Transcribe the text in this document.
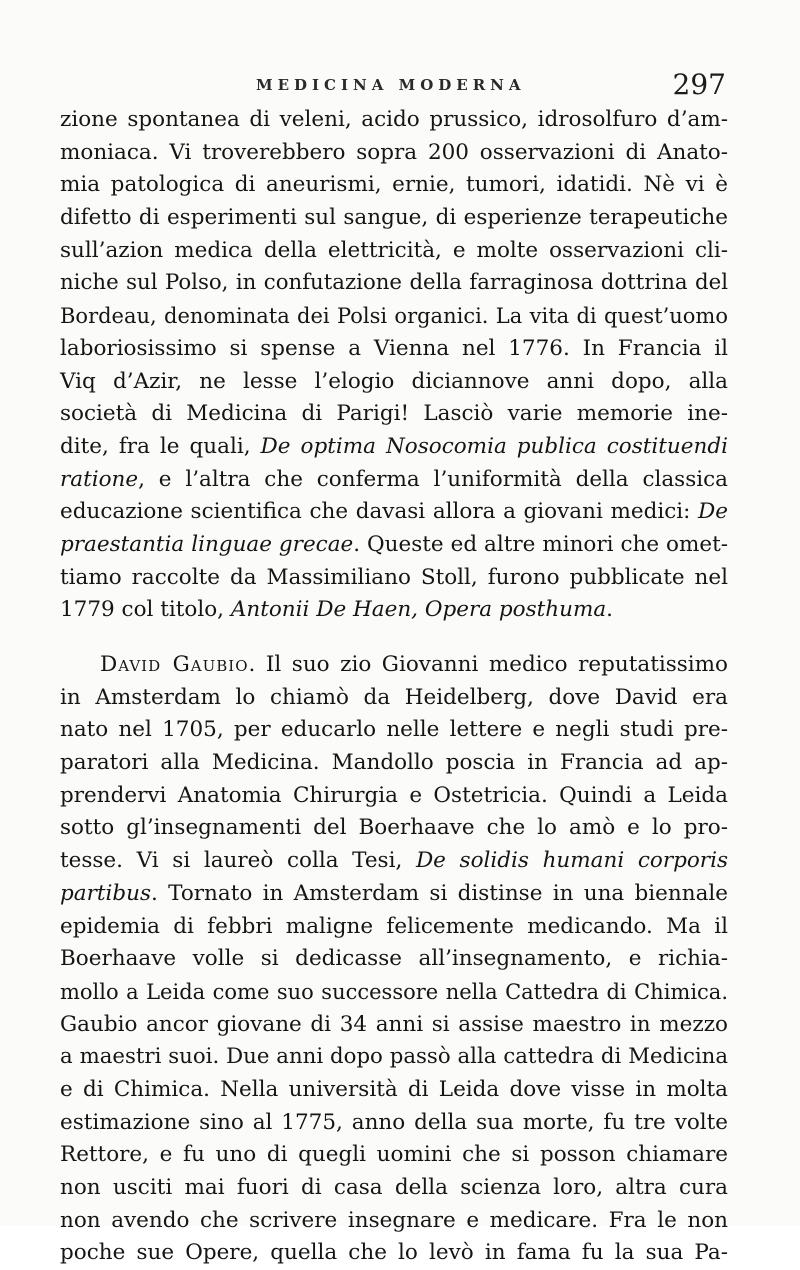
MEDICINA MODERNA	297
zione spontanea di veleni, acido prussico, idrosolfuro d’am-
moniaca. Vi troverebbero sopra 200 osservazioni di Anato-
mia patologica di aneurismi, ernie, tumori, idatidi. Nè vi è
difetto di esperimenti sul sangue, di esperienze terapeutiche
sull’azion medica della elettricità, e molte osservazioni cli-
niche sul Polso, in confutazione della farraginosa dottrina del
Bordeau, denominata dei Polsi organici. La vita di quest’uomo
laboriosissimo si spense a Vienna nel 1776. In Francia il
Viq d’Azir, ne lesse l’elogio diciannove anni dopo, alla
società di Medicina di Parigi! Lasciò varie memorie ine-
dite, fra le quali, De optima Nosocomia publica costituendi
ratione, e l’altra che conferma l’uniformità della classica
educazione scientifica che davasi allora a giovani medici: De
praestantia linguae grecae. Queste ed altre minori che omet-
tiamo raccolte da Massimiliano Stoll, furono pubblicate nel
1779 col titolo, Antonii De Haen, Opera posthuma.
David Gaubio. Il suo zio Giovanni medico reputatissimo
in Amsterdam lo chiamò da Heidelberg, dove David era
nato nel 1705, per educarlo nelle lettere e negli studi pre-
paratori alla Medicina. Mandollo poscia in Francia ad ap-
prendervi Anatomia Chirurgia e Ostetricia. Quindi a Leida
sotto gl’insegnamenti del Boerhaave che lo amò e lo pro-
tesse. Vi si laureò colla Tesi, De solidis humani corporis
partibus. Tornato in Amsterdam si distinse in una biennale
epidemia di febbri maligne felicemente medicando. Ma il
Boerhaave volle si dedicasse all’insegnamento, e richia-
mollo a Leida come suo successore nella Cattedra di Chimica.
Gaubio ancor giovane di 34 anni si assise maestro in mezzo
a maestri suoi. Due anni dopo passò alla cattedra di Medicina
e di Chimica. Nella università di Leida dove visse in molta
estimazione sino al 1775, anno della sua morte, fu tre volte
Rettore, e fu uno di quegli uomini che si posson chiamare
non usciti mai fuori di casa della scienza loro, altra cura
non avendo che scrivere insegnare e medicare. Fra le non
poche sue Opere, quella che lo levò in fama fu la sua Pa-
